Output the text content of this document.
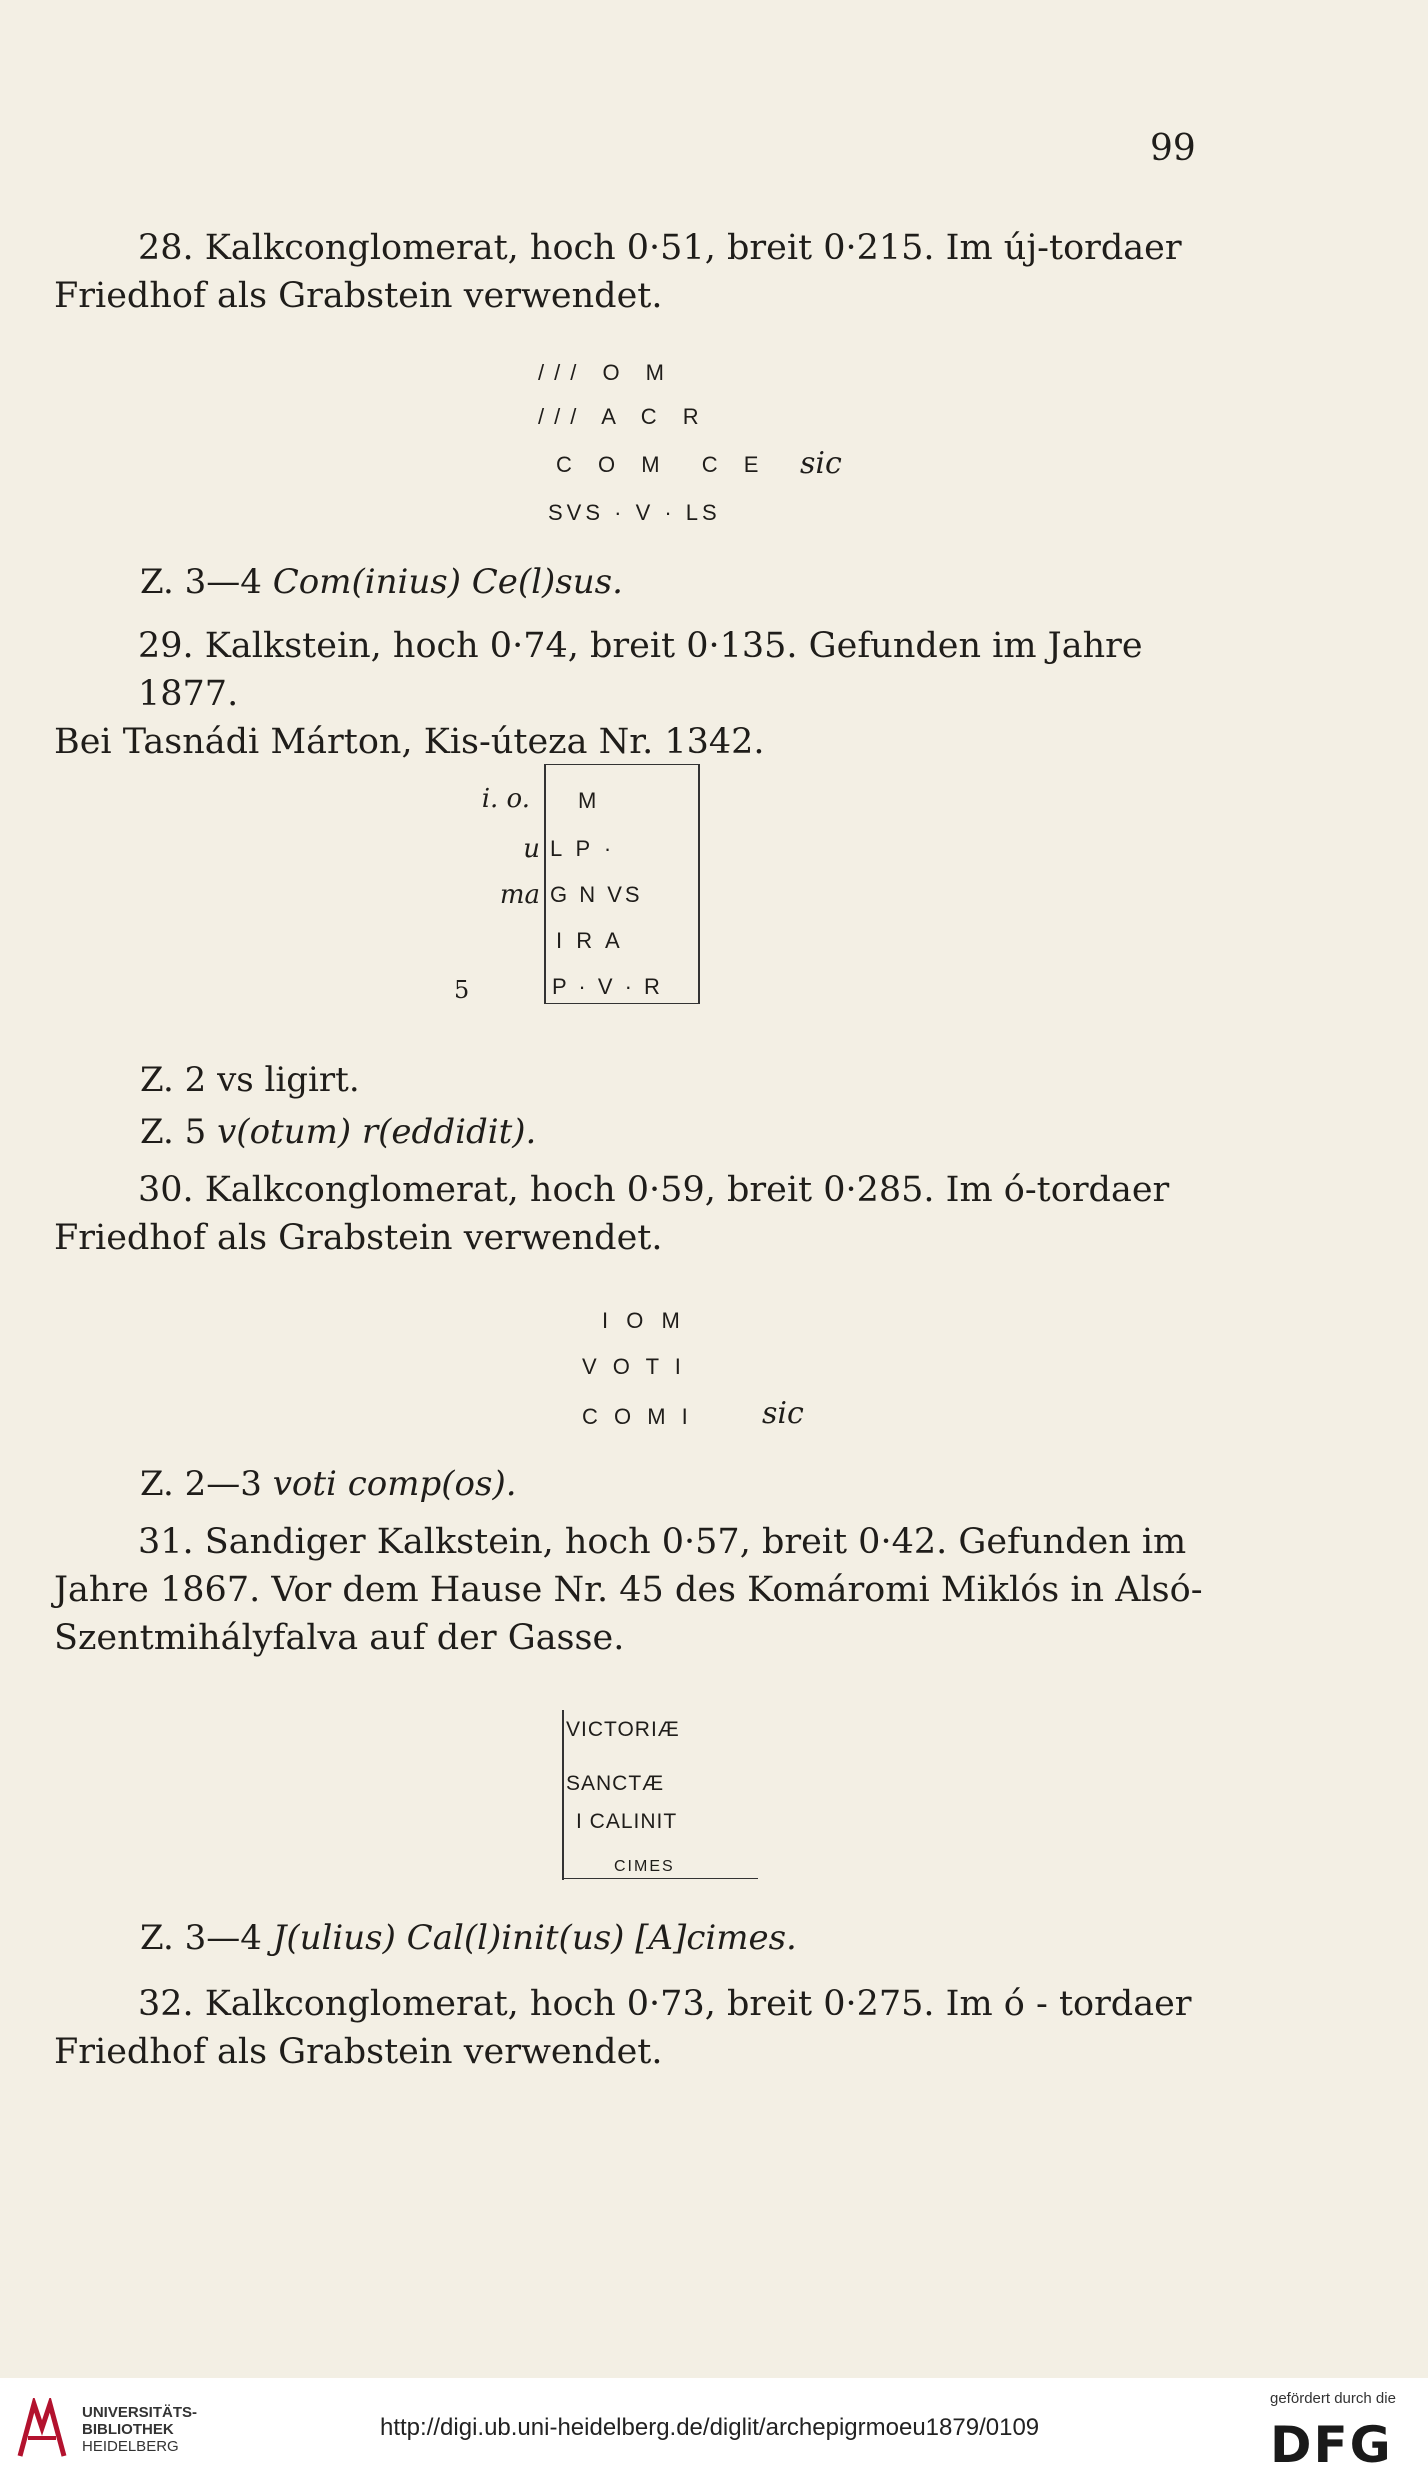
99

28. Kalkconglomerat, hoch 0·51, breit 0·215. Im új-tordaer
Friedhof als Grabstein verwendet.

/// O M
/// A C R
C O M  C E
SVS · V · LS
sic

Z. 3—4 Com(inius) Ce(l)sus.

29. Kalkstein, hoch 0·74, breit 0·135. Gefunden im Jahre 1877.
Bei Tasnádi Márton, Kis-úteza Nr. 1342.

i. o.
u
ma
5
M
L P ·
G N VS
I R A
P · V · R

Z. 2 vs ligirt.

Z. 5 v(otum) r(eddidit).

30. Kalkconglomerat, hoch 0·59, breit 0·285. Im ó-tordaer
Friedhof als Grabstein verwendet.

I O M
V O T I
C O M I sic

Z. 2—3 voti comp(os).

31. Sandiger Kalkstein, hoch 0·57, breit 0·42. Gefunden im
Jahre 1867. Vor dem Hause Nr. 45 des Komáromi Miklós in Alsó-
Szentmihályfalva auf der Gasse.

VICTORIÆ
SANCTÆ
I CALINIT
CIMES

Z. 3—4 J(ulius) Cal(l)init(us) [A]cimes.

32. Kalkconglomerat, hoch 0·73, breit 0·275. Im ó - tordaer
Friedhof als Grabstein verwendet.

UNIVERSITÄTS-
BIBLIOTHEK
HEIDELBERG
http://digi.ub.uni-heidelberg.de/diglit/archepigrmoeu1879/0109
gefördert durch die
DFG
